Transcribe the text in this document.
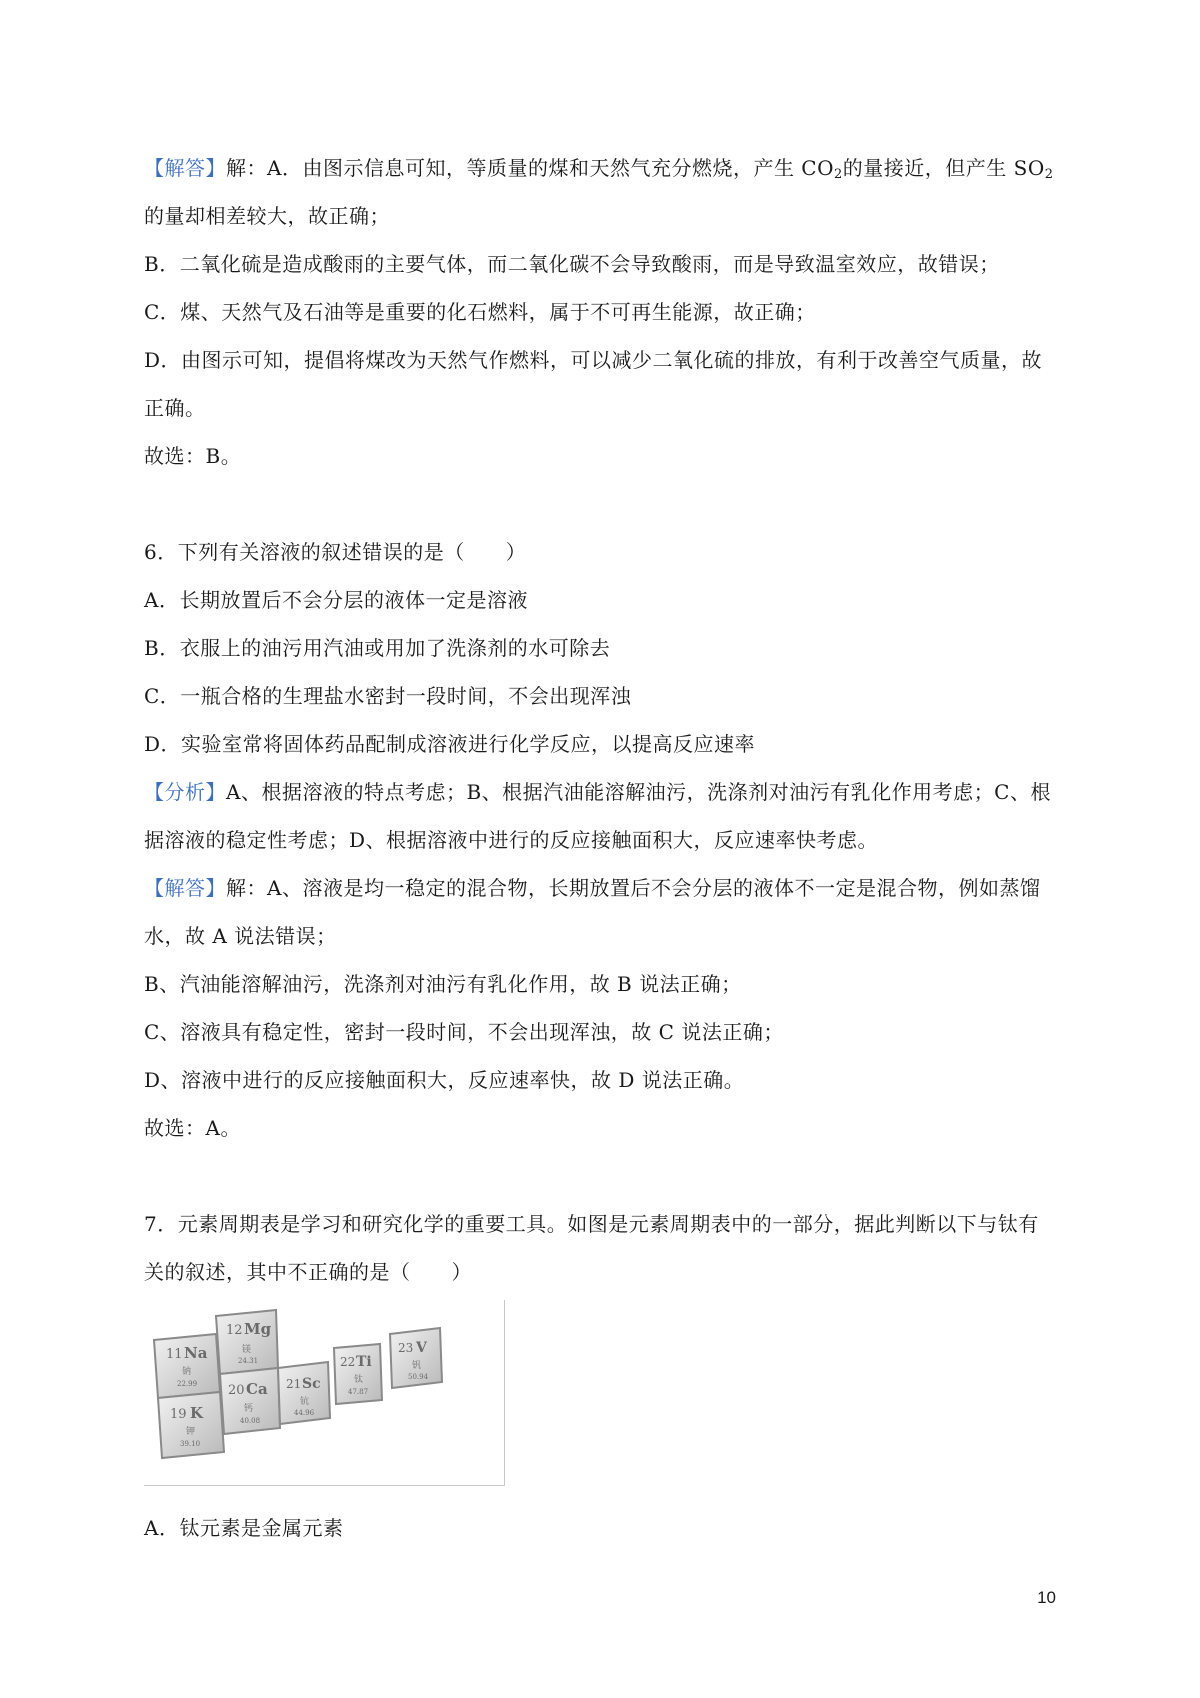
【解答】解：A．由图示信息可知，等质量的煤和天然气充分燃烧，产生 $CO_2$的量接近，但产生 $SO_2$
的量却相差较大，故正确；
B．二氧化硫是造成酸雨的主要气体，而二氧化碳不会导致酸雨，而是导致温室效应，故错误；
C．煤、天然气及石油等是重要的化石燃料，属于不可再生能源，故正确；
D．由图示可知，提倡将煤改为天然气作燃料，可以减少二氧化硫的排放，有利于改善空气质量，故
正确。
故选：B。
6．下列有关溶液的叙述错误的是（　　）
A．长期放置后不会分层的液体一定是溶液
B．衣服上的油污用汽油或用加了洗涤剂的水可除去
C．一瓶合格的生理盐水密封一段时间，不会出现浑浊
D．实验室常将固体药品配制成溶液进行化学反应，以提高反应速率
【分析】A、根据溶液的特点考虑；B、根据汽油能溶解油污，洗涤剂对油污有乳化作用考虑；C、根
据溶液的稳定性考虑；D、根据溶液中进行的反应接触面积大，反应速率快考虑。
【解答】解：A、溶液是均一稳定的混合物，长期放置后不会分层的液体不一定是混合物，例如蒸馏
水，故 A 说法错误；
B、汽油能溶解油污，洗涤剂对油污有乳化作用，故 B 说法正确；
C、溶液具有稳定性，密封一段时间，不会出现浑浊，故 C 说法正确；
D、溶液中进行的反应接触面积大，反应速率快，故 D 说法正确。
故选：A。
7．元素周期表是学习和研究化学的重要工具。如图是元素周期表中的一部分，据此判断以下与钛有
关的叙述，其中不正确的是（　　）
11 Na
钠
22.99
12 Mg
镁
24.31
19 K
钾
39.10
20 Ca
钙
40.08
21 Sc
钪
44.96
22 Ti
钛
47.87
23 V
钒
50.94
A．钛元素是金属元素
10
